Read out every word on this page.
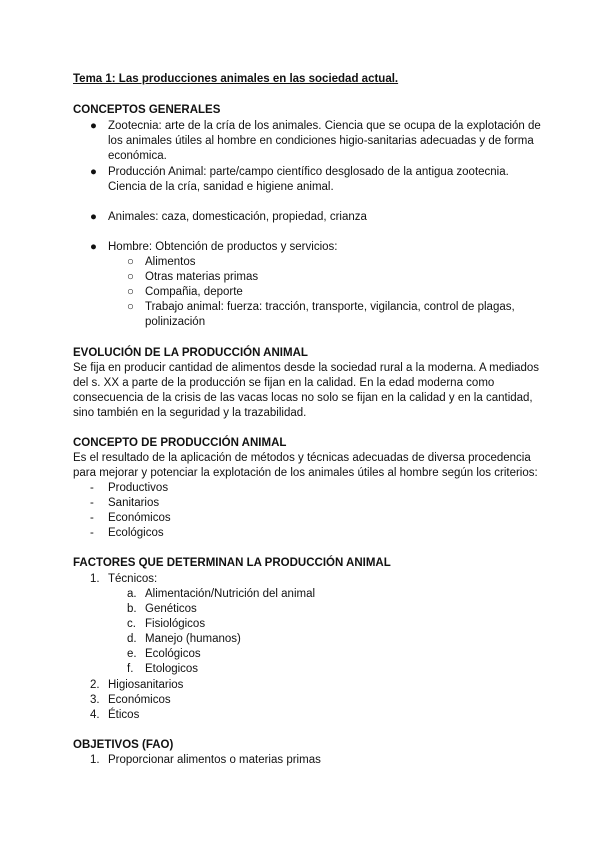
Tema 1: Las producciones animales en las sociedad actual.
CONCEPTOS GENERALES
● Zootecnia: arte de la cría de los animales. Ciencia que se ocupa de la explotación de
los animales útiles al hombre en condiciones higio-sanitarias adecuadas y de forma
económica.
● Producción Animal: parte/campo científico desglosado de la antigua zootecnia.
Ciencia de la cría, sanidad e higiene animal.
● Animales: caza, domesticación, propiedad, crianza
● Hombre: Obtención de productos y servicios:
○ Alimentos
○ Otras materias primas
○ Compañia, deporte
○ Trabajo animal: fuerza: tracción, transporte, vigilancia, control de plagas,
polinización
EVOLUCIÓN DE LA PRODUCCIÓN ANIMAL
Se fija en producir cantidad de alimentos desde la sociedad rural a la moderna. A mediados
del s. XX a parte de la producción se fijan en la calidad. En la edad moderna como
consecuencia de la crisis de las vacas locas no solo se fijan en la calidad y en la cantidad,
sino también en la seguridad y la trazabilidad.
CONCEPTO DE PRODUCCIÓN ANIMAL
Es el resultado de la aplicación de métodos y técnicas adecuadas de diversa procedencia
para mejorar y potenciar la explotación de los animales útiles al hombre según los criterios:
- Productivos
- Sanitarios
- Económicos
- Ecológicos
FACTORES QUE DETERMINAN LA PRODUCCIÓN ANIMAL
1. Técnicos:
a. Alimentación/Nutrición del animal
b. Genéticos
c. Fisiológicos
d. Manejo (humanos)
e. Ecológicos
f. Etologicos
2. Higiosanitarios
3. Económicos
4. Éticos
OBJETIVOS (FAO)
1. Proporcionar alimentos o materias primas
